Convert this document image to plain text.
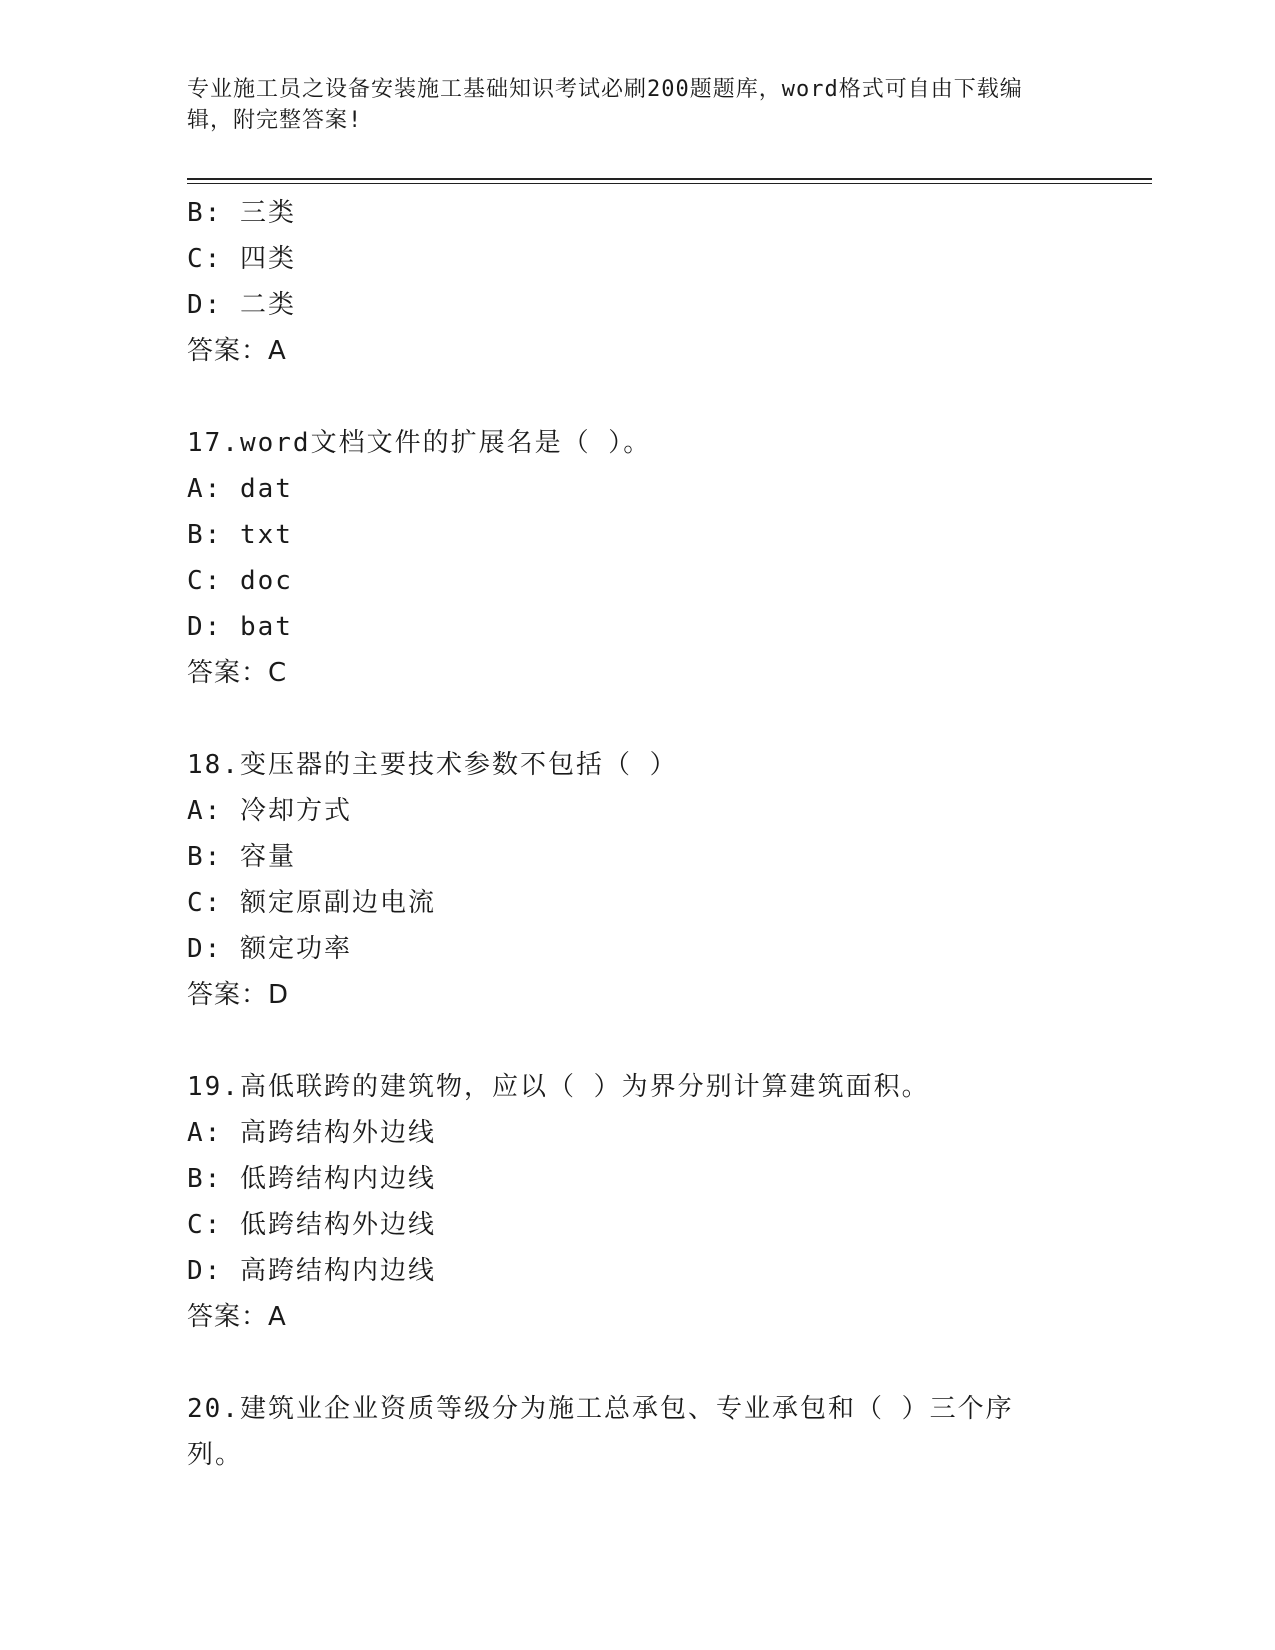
专业施工员之设备安装施工基础知识考试必刷200题题库，word格式可自由下载编辑，附完整答案!
B: 三类
C: 四类
D: 二类
答案：A
17.word文档文件的扩展名是（ ）。
A: dat
B: txt
C: doc
D: bat
答案：C
18.变压器的主要技术参数不包括（ ）
A: 冷却方式
B: 容量
C: 额定原副边电流
D: 额定功率
答案：D
19.高低联跨的建筑物，应以（ ）为界分别计算建筑面积。
A: 高跨结构外边线
B: 低跨结构内边线
C: 低跨结构外边线
D: 高跨结构内边线
答案：A
20.建筑业企业资质等级分为施工总承包、专业承包和（ ）三个序列。
